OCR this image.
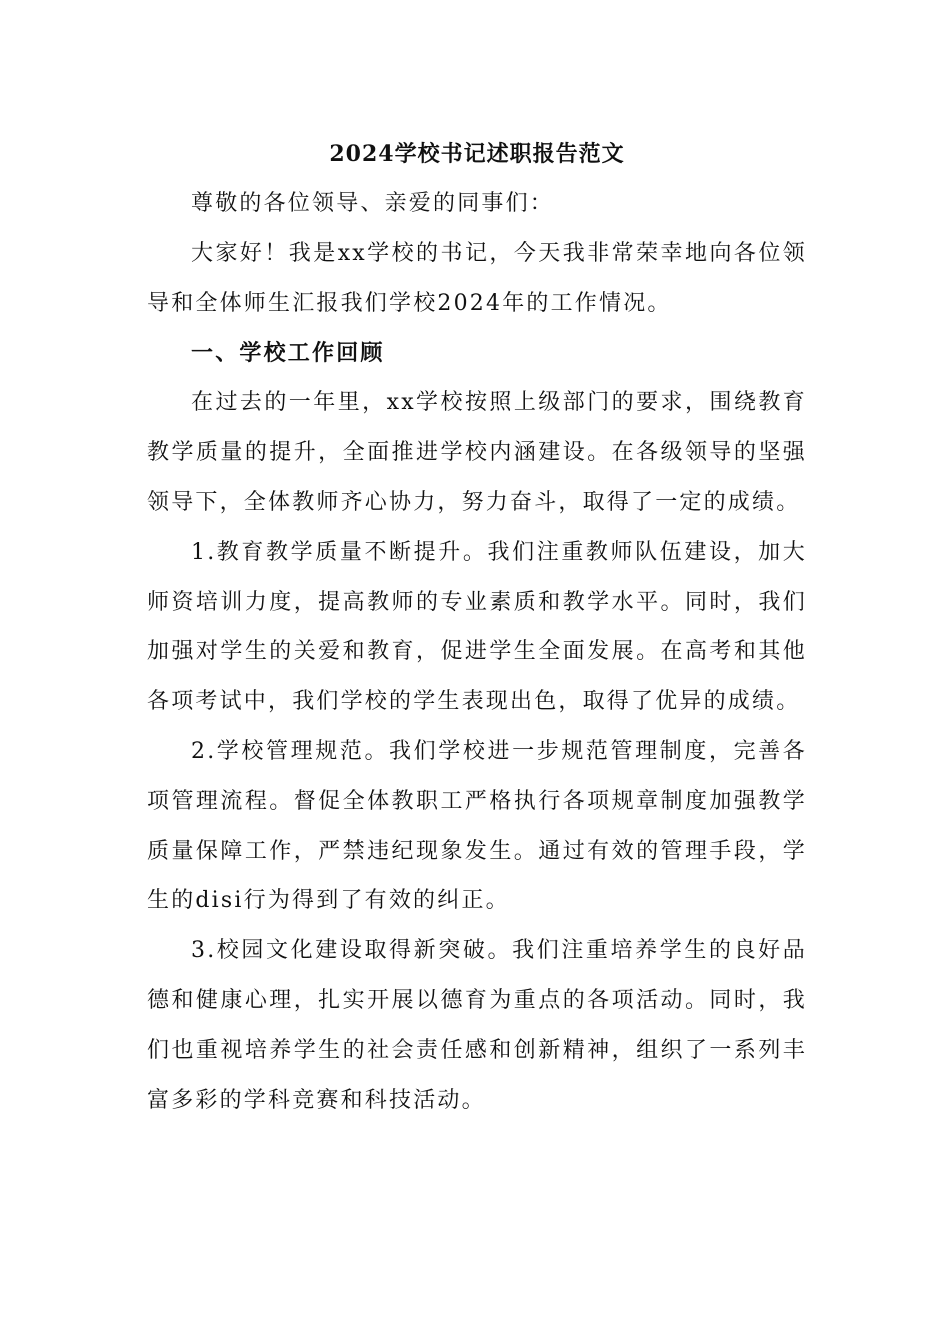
2024学校书记述职报告范文

尊敬的各位领导、亲爱的同事们：

大家好！我是xx学校的书记，今天我非常荣幸地向各位领导和全体师生汇报我们学校2024年的工作情况。

一、学校工作回顾

在过去的一年里，xx学校按照上级部门的要求，围绕教育教学质量的提升，全面推进学校内涵建设。在各级领导的坚强领导下，全体教师齐心协力，努力奋斗，取得了一定的成绩。

1.教育教学质量不断提升。我们注重教师队伍建设，加大师资培训力度，提高教师的专业素质和教学水平。同时，我们加强对学生的关爱和教育，促进学生全面发展。在高考和其他各项考试中，我们学校的学生表现出色，取得了优异的成绩。

2.学校管理规范。我们学校进一步规范管理制度，完善各项管理流程。督促全体教职工严格执行各项规章制度加强教学质量保障工作，严禁违纪现象发生。通过有效的管理手段，学生的disi行为得到了有效的纠正。

3.校园文化建设取得新突破。我们注重培养学生的良好品德和健康心理，扎实开展以德育为重点的各项活动。同时，我们也重视培养学生的社会责任感和创新精神，组织了一系列丰富多彩的学科竞赛和科技活动。
